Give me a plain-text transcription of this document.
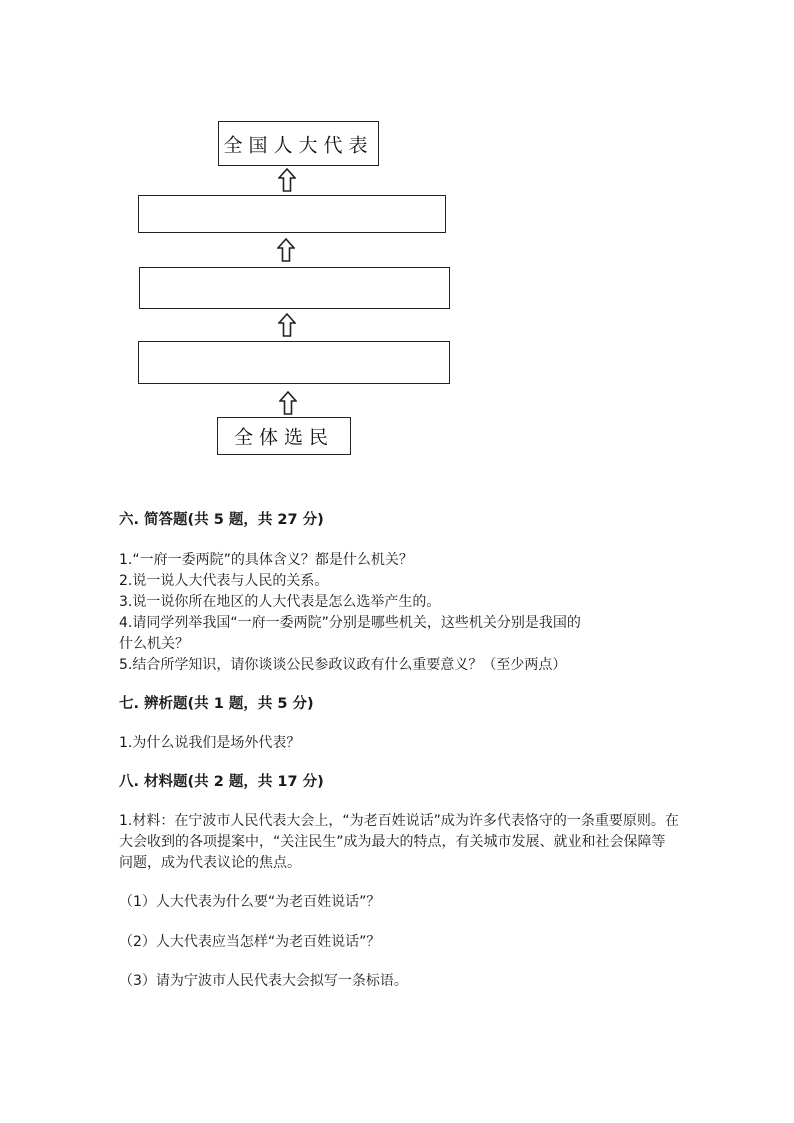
全国人大代表
全体选民
六. 简答题(共 5 题，共 27 分)
1.“一府一委两院”的具体含义？都是什么机关？
2.说一说人大代表与人民的关系。
3.说一说你所在地区的人大代表是怎么选举产生的。
4.请同学列举我国“一府一委两院”分别是哪些机关，这些机关分别是我国的
什么机关？
5.结合所学知识，请你谈谈公民参政议政有什么重要意义？（至少两点）
七. 辨析题(共 1 题，共 5 分)
1.为什么说我们是场外代表？
八. 材料题(共 2 题，共 17 分)
1.材料：在宁波市人民代表大会上，“为老百姓说话”成为许多代表恪守的一条重要原则。在大会收到的各项提案中，“关注民生”成为最大的特点，有关城市发展、就业和社会保障等问题，成为代表议论的焦点。
（1）人大代表为什么要“为老百姓说话”？
（2）人大代表应当怎样“为老百姓说话”？
（3）请为宁波市人民代表大会拟写一条标语。
